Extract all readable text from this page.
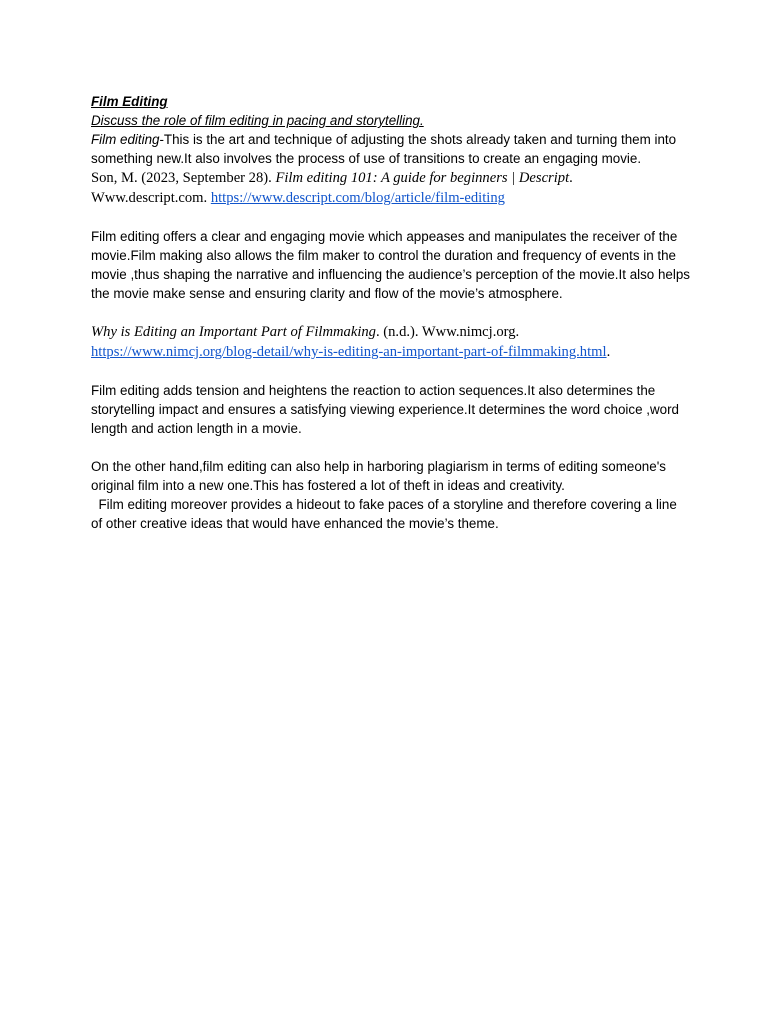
Film Editing

Discuss the role of film editing in pacing and storytelling.

Film editing-This is the art and technique of adjusting the shots already taken and turning them into something new.It also involves the process of use of transitions to create an engaging movie.

Son, M. (2023, September 28). Film editing 101: A guide for beginners | Descript.

Www.descript.com. https://www.descript.com/blog/article/film-editing

Film editing offers a clear and engaging movie which appeases and manipulates the receiver of the movie.Film making also allows the film maker to control the duration and frequency of events in the movie ,thus shaping the narrative and influencing the audience’s perception of the movie.It also helps the movie make sense and ensuring clarity and flow of the movie’s atmosphere.

Why is Editing an Important Part of Filmmaking. (n.d.). Www.nimcj.org.

https://www.nimcj.org/blog-detail/why-is-editing-an-important-part-of-filmmaking.html.

Film editing adds tension and heightens the reaction to action sequences.It also determines the storytelling impact and ensures a satisfying viewing experience.It determines the word choice ,word length and action length in a movie.

On the other hand,film editing can also help in harboring plagiarism in terms of editing someone's original film into a new one.This has fostered a lot of theft in ideas and creativity.

Film editing moreover provides a hideout to fake paces of a storyline and therefore covering a line of other creative ideas that would have enhanced the movie’s theme.
